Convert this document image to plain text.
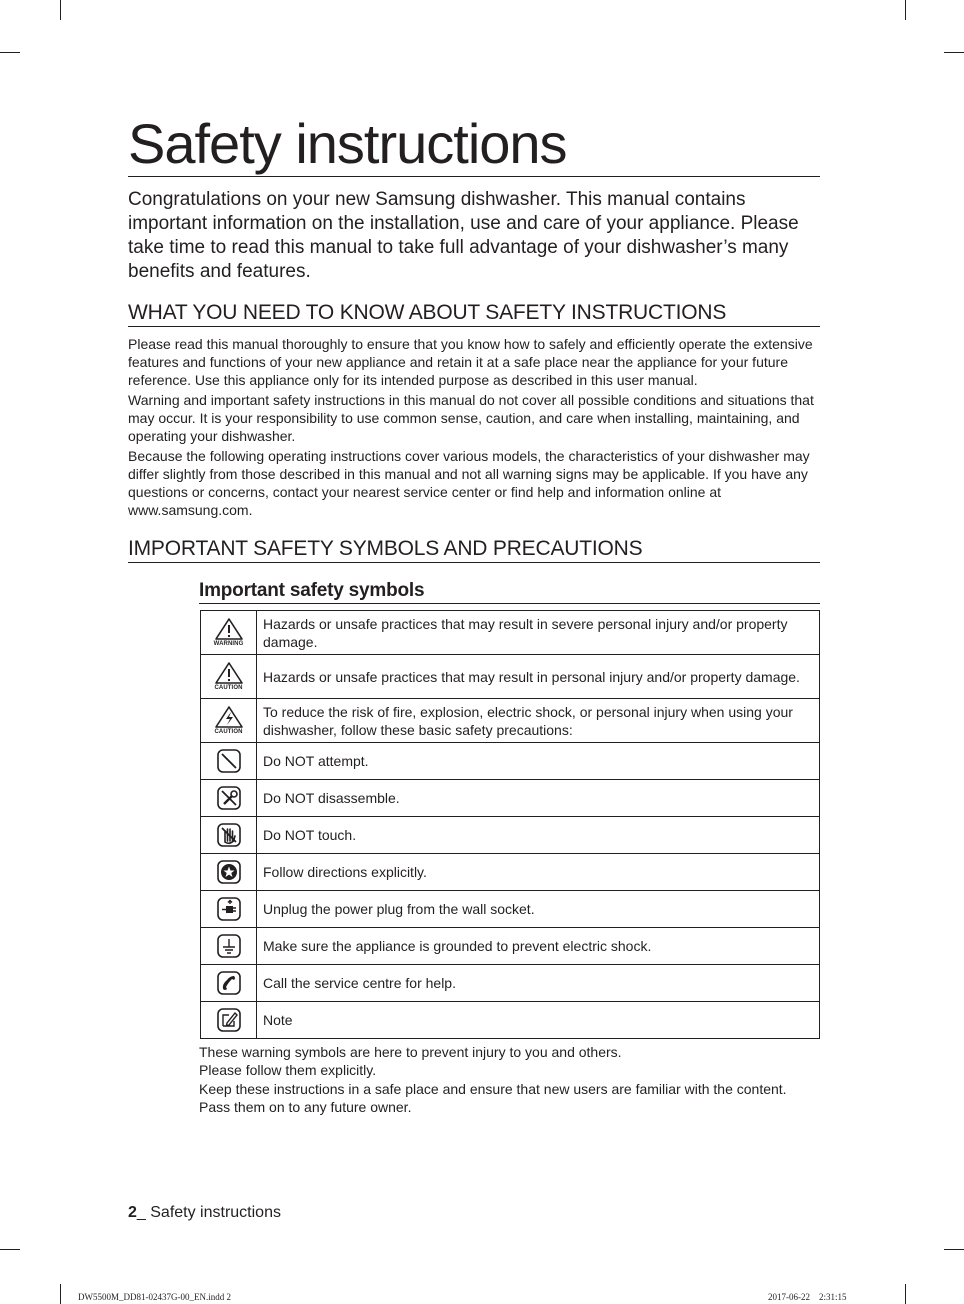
Safety instructions

Congratulations on your new Samsung dishwasher. This manual contains important information on the installation, use and care of your appliance. Please take time to read this manual to take full advantage of your dishwasher’s many benefits and features.

WHAT YOU NEED TO KNOW ABOUT SAFETY INSTRUCTIONS

Please read this manual thoroughly to ensure that you know how to safely and efficiently operate the extensive features and functions of your new appliance and retain it at a safe place near the appliance for your future reference. Use this appliance only for its intended purpose as described in this user manual.

Warning and important safety instructions in this manual do not cover all possible conditions and situations that may occur. It is your responsibility to use common sense, caution, and care when installing, maintaining, and operating your dishwasher.

Because the following operating instructions cover various models, the characteristics of your dishwasher may differ slightly from those described in this manual and not all warning signs may be applicable. If you have any questions or concerns, contact your nearest service center or find help and information online at www.samsung.com.

IMPORTANT SAFETY SYMBOLS AND PRECAUTIONS
Important safety symbols
WARNING	Hazards or unsafe practices that may result in severe personal injury and/or property damage.

CAUTION	Hazards or unsafe practices that may result in personal injury and/or property damage.

CAUTION	To reduce the risk of fire, explosion, electric shock, or personal injury when using your dishwasher, follow these basic safety precautions:

	Do NOT attempt.

	Do NOT disassemble.

	Do NOT touch.

	Follow directions explicitly.

	Unplug the power plug from the wall socket.

	Make sure the appliance is grounded to prevent electric shock.

	Call the service centre for help.

	Note

These warning symbols are here to prevent injury to you and others.

Please follow them explicitly.

Keep these instructions in a safe place and ensure that new users are familiar with the content.

Pass them on to any future owner.

2_ Safety instructions
DW5500M_DD81-02437G-00_EN.indd 2	2017-06-22    2:31:15
